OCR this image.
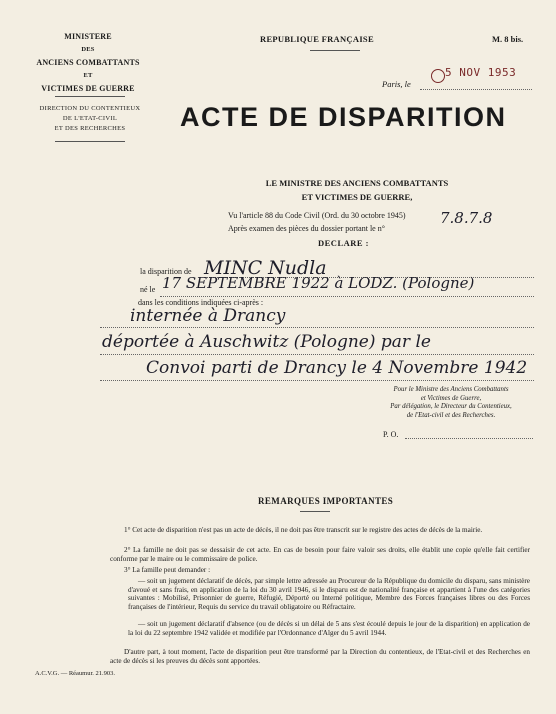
MINISTERE
DES
ANCIENS COMBATTANTS
ET
VICTIMES DE GUERRE
DIRECTION DU CONTENTIEUX
DE L'ETAT-CIVIL
ET DES RECHERCHES
REPUBLIQUE FRANÇAISE	M. 8 bis.
5 NOV 1953
Paris, le
ACTE DE DISPARITION
LE MINISTRE DES ANCIENS COMBATTANTS
ET VICTIMES DE GUERRE,
Vu l'article 88 du Code Civil (Ord. du 30 octobre 1945)
Après examen des pièces du dossier portant le n°
7.8.7.8
DECLARE :
la disparition de MINC Nudla
né le 17 SEPTEMBRE 1922 à LODZ. (Pologne)
dans les conditions indiquées ci-après :
internée à Drancy
déportée à Auschwitz (Pologne) par le
Convoi parti de Drancy le 4 Novembre 1942
Pour le Ministre des Anciens Combattants
et Victimes de Guerre,
Par délégation, le Directeur du Contentieux,
de l'Etat-civil et des Recherches.
P. O.
REMARQUES IMPORTANTES
1° Cet acte de disparition n'est pas un acte de décès, il ne doit pas être transcrit sur le registre des actes de décès de la mairie.
2° La famille ne doit pas se dessaisir de cet acte. En cas de besoin pour faire valoir ses droits, elle établit une copie qu'elle fait certifier conforme par le maire ou le commissaire de police.
3° La famille peut demander :
— soit un jugement déclaratif de décès, par simple lettre adressée au Procureur de la République du domicile du disparu, sans ministère d'avoué et sans frais, en application de la loi du 30 avril 1946, si le disparu est de nationalité française et appartient à l'une des catégories suivantes : Mobilisé, Prisonnier de guerre, Réfugié, Déporté ou Interné politique, Membre des Forces françaises libres ou des Forces françaises de l'intérieur, Requis du service du travail obligatoire ou Réfractaire.
— soit un jugement déclaratif d'absence (ou de décès si un délai de 5 ans s'est écoulé depuis le jour de la disparition) en application de la loi du 22 septembre 1942 validée et modifiée par l'Ordonnance d'Alger du 5 avril 1944.
D'autre part, à tout moment, l'acte de disparition peut être transformé par la Direction du contentieux, de l'Etat-civil et des Recherches en acte de décès si les preuves du décès sont apportées.
A.C.V.G. — Réaumur. 21.903.
